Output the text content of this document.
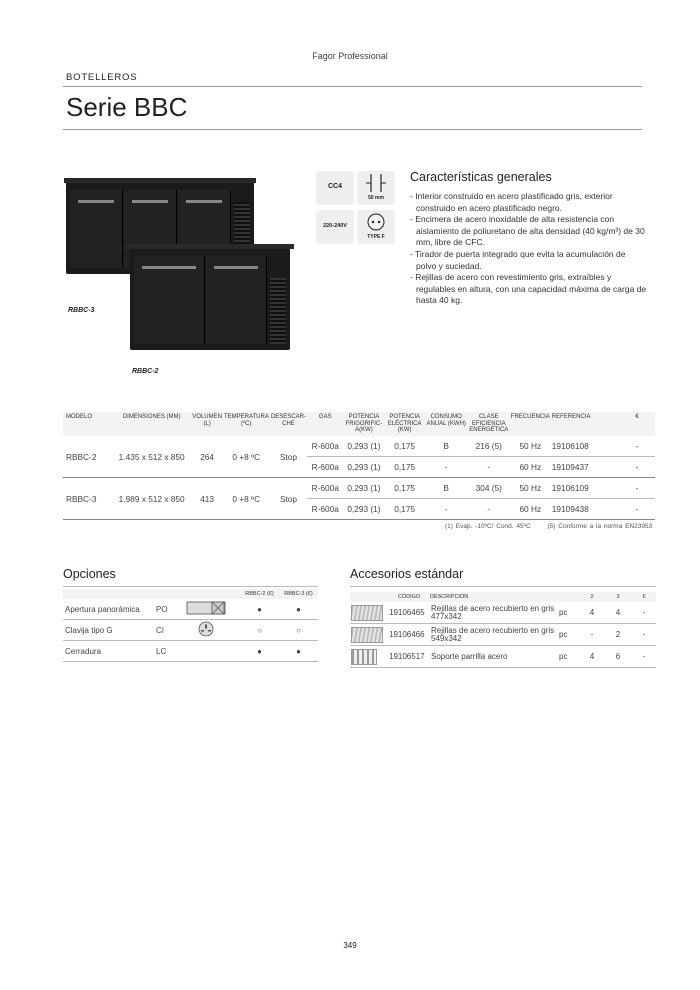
Fagor Professional
BOTELLEROS
Serie BBC
RBBC-3
RBBC-2
CC4
50 mm
220-240V
TYPE F
Características generales
- Interior construido en acero plastificado gris, exterior construido en acero plastificado negro.
- Encimera de acero inoxidable de alta resistencia con aislamiento de poliuretano de alta densidad (40 kg/m³) de 30 mm, libre de CFC.
- Tirador de puerta integrado que evita la acumulación de polvo y suciedad.
- Rejillas de acero con revestimiento gris, extraíbles y regulables en altura, con una capacidad máxima de carga de hasta 40 kg.
MODELO	DIMENSIONES (MM)	VOLUMEN (L)	TEMPERATURA (ºC)	DESESCAR-CHE	GAS	POTENCIA FRIGORIFIC-A(KW)	POTENCIA ELÉCTRICA (KW)	CONSUMO ANUAL (KWH)	CLASE EFICIENCIA ENERGÉTICA	FRECUENCIA	REFERENCIA	€
RBBC-2	1.435 x 512 x 850	264	0 +8 ºC	Stop	R-600a	0,293 (1)	0,175	B	216 (5)	50 Hz	19106108	-
					R-600a	0,293 (1)	0,175	-	-	60 Hz	19109437	-
RBBC-3	1.989 x 512 x 850	413	0 +8 ºC	Stop	R-600a	0,293 (1)	0,175	B	304 (5)	50 Hz	19106109	-
					R-600a	0,293 (1)	0,175	-	-	60 Hz	19109438	-
(1) Evap. -10ºC/ Cond. 45ºC	(5) Conforme a la norma EN23953
Opciones
			RBBC-2 (€)	RBBC-3 (€)
Apertura panorámica	PO		●	●
Clavija tipo G	CI		○	○
Cerradura	LC		●	●
Accesorios estándar
	CÓDIGO	DESCRIPCIÓN		2	3	€
	19106465	Rejillas de acero recubierto en gris 477x342	pc	4	4	-
	19106466	Rejillas de acero recubierto en gris 549x342	pc	-	2	-
	19106517	Soporte parrilla acero	pc	4	6	-
349
